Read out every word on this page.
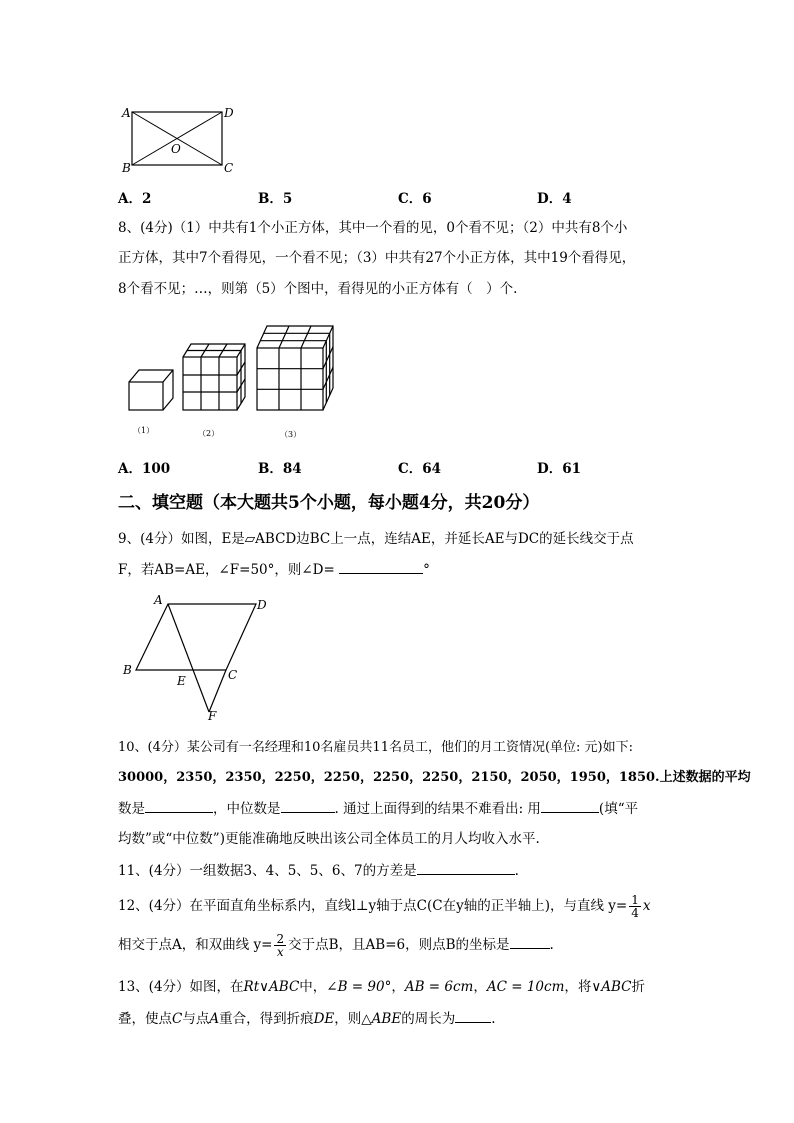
A	D
B	C
O
A．2	B．5	C．6	D．4
8、(4分)（1）中共有1个小正方体，其中一个看的见，0个看不见；（2）中共有8个小
正方体，其中7个看得见，一个看不见；（3）中共有27个小正方体，其中19个看得见，
8个看不见；…，则第（5）个图中，看得见的小正方体有（　）个.
（1）	（2）	（3）
A．100	B．84	C．64	D．61
二、填空题（本大题共5个小题，每小题4分，共20分）
9、(4分）如图，E是▱ABCD边BC上一点，连结AE，并延长AE与DC的延长线交于点
F，若AB=AE，∠F=50°，则∠D=	°
A	D
B
E	C
F
10、(4分）某公司有一名经理和10名雇员共11名员工，他们的月工资情况(单位: 元)如下:
30000，2350，2350，2250，2250，2250，2250，2150，2050，1950，1850.上述数据的平均
数是	，中位数是	. 通过上面得到的结果不难看出: 用	(填“平
均数”或“中位数”)更能准确地反映出该公司全体员工的月人均收入水平.
11、(4分）一组数据3、4、5、5、6、7的方差是	.
12、(4分）在平面直角坐标系内，直线l⊥y轴于点C(C在y轴的正半轴上)，与直线 $y= \frac{1}{4}$ x
相交于点A，和双曲线 $y= \frac{2}{x}$ 交于点B，且AB=6，则点B的坐标是	.
13、(4分）如图，在Rt∨ABC中，∠B = 90°，AB = 6cm，AC = 10cm，将∨ABC折
叠，使点C与点A重合，得到折痕DE，则△ABE的周长为	.
